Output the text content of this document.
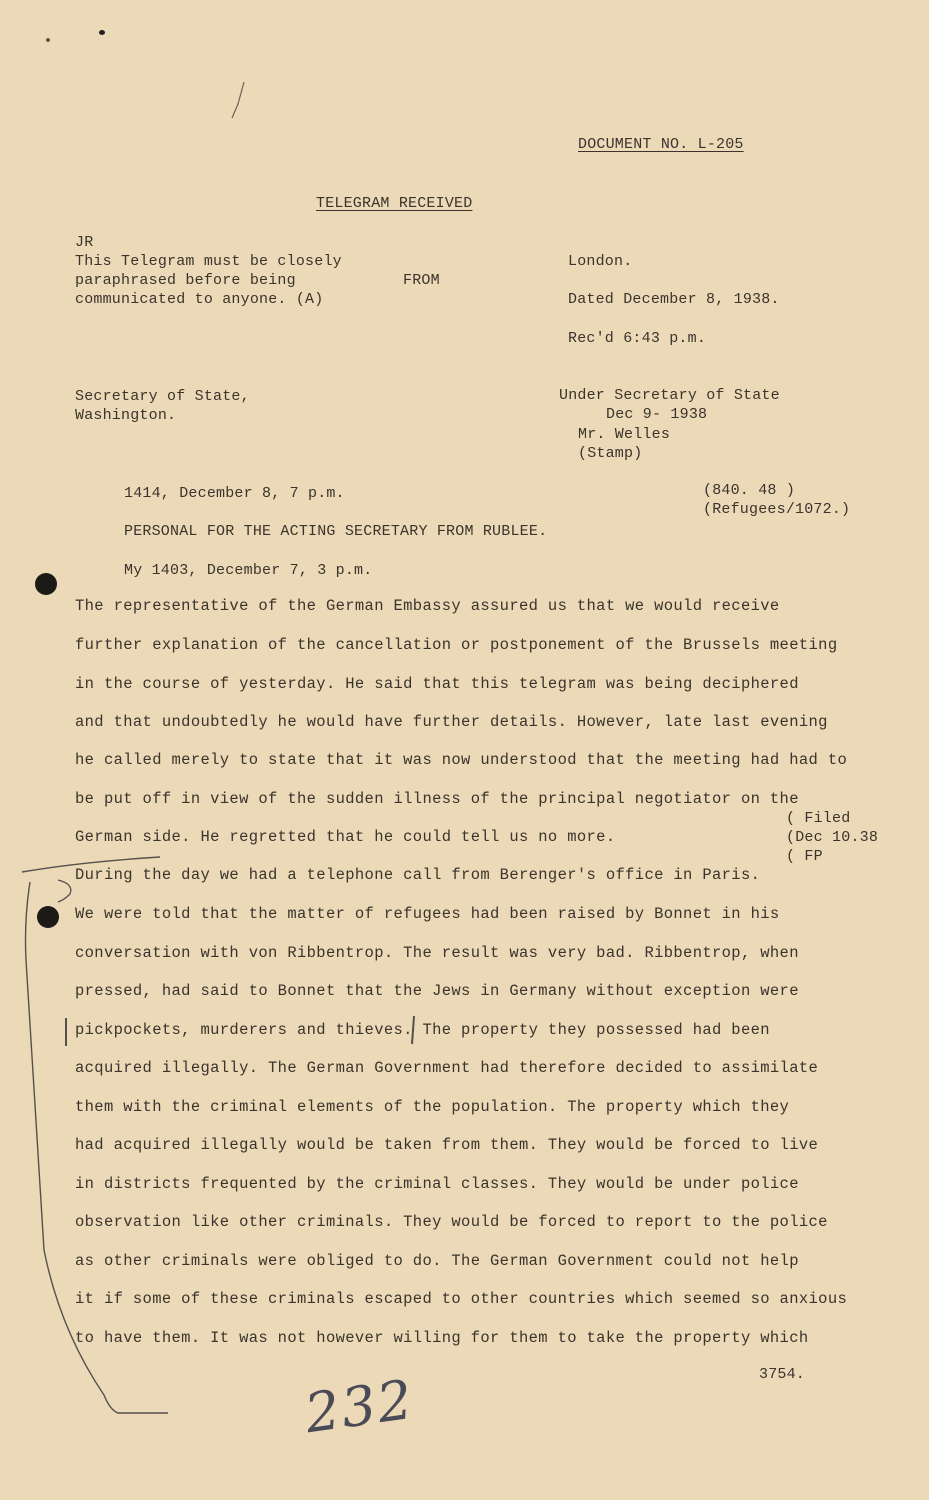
DOCUMENT NO. L-205
TELEGRAM RECEIVED
JR
This Telegram must be closely
paraphrased before being
communicated to anyone. (A)
FROM
London.
Dated December 8, 1938.
Rec'd 6:43 p.m.
Secretary of State,
Washington.
Under Secretary of State
Dec 9- 1938
Mr. Welles
(Stamp)
1414, December 8, 7 p.m.	(840. 48 )
(Refugees/1072.)
PERSONAL FOR THE ACTING SECRETARY FROM RUBLEE.
My 1403, December 7, 3 p.m.
The representative of the German Embassy assured us that we would receive
further explanation of the cancellation or postponement of the Brussels meeting
in the course of yesterday. He said that this telegram was being deciphered
and that undoubtedly he would have further details. However, late last evening
he called merely to state that it was now understood that the meeting had had to
be put off in view of the sudden illness of the principal negotiator on the
German side. He regretted that he could tell us no more.
During the day we had a telephone call from Berenger's office in Paris.
We were told that the matter of refugees had been raised by Bonnet in his
conversation with von Ribbentrop. The result was very bad. Ribbentrop, when
pressed, had said to Bonnet that the Jews in Germany without exception were
pickpockets, murderers and thieves. The property they possessed had been
acquired illegally. The German Government had therefore decided to assimilate
them with the criminal elements of the population. The property which they
had acquired illegally would be taken from them. They would be forced to live
in districts frequented by the criminal classes. They would be under police
observation like other criminals. They would be forced to report to the police
as other criminals were obliged to do. The German Government could not help
it if some of these criminals escaped to other countries which seemed so anxious
to have them. It was not however willing for them to take the property which
( Filed
(Dec 10.38
( FP
3754.
232
